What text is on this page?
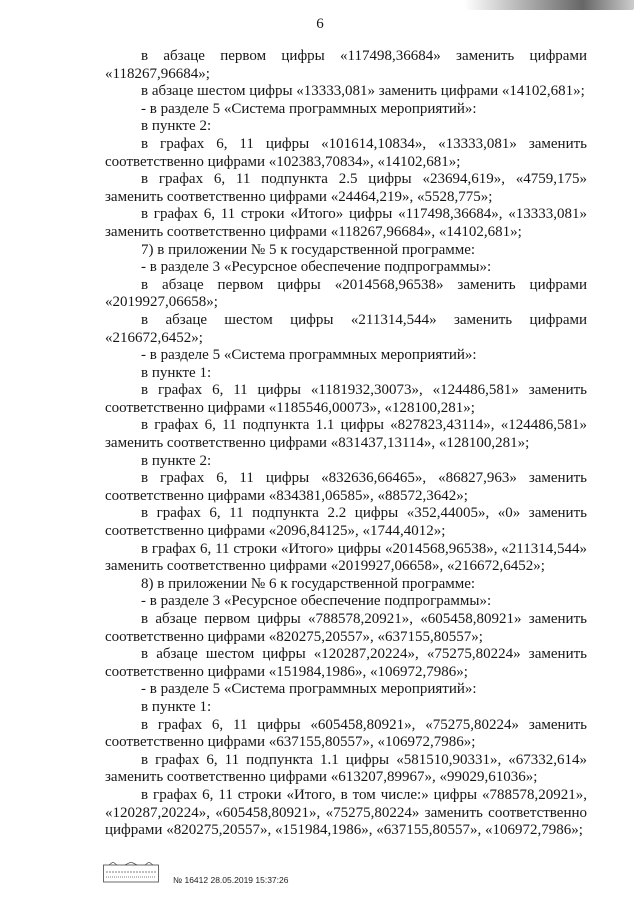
6

в абзаце первом цифры «117498,36684» заменить цифрами «118267,96684»;

в абзаце шестом цифры «13333,081» заменить цифрами «14102,681»;

- в разделе 5 «Система программных мероприятий»:

в пункте 2:

в графах 6, 11 цифры «101614,10834», «13333,081» заменить соответственно цифрами «102383,70834», «14102,681»;

в графах 6, 11 подпункта 2.5 цифры «23694,619», «4759,175» заменить соответственно цифрами «24464,219», «5528,775»;

в графах 6, 11 строки «Итого» цифры «117498,36684», «13333,081» заменить соответственно цифрами «118267,96684», «14102,681»;

7) в приложении № 5 к государственной программе:

- в разделе 3 «Ресурсное обеспечение подпрограммы»:

в абзаце первом цифры «2014568,96538» заменить цифрами «2019927,06658»;

в абзаце шестом цифры «211314,544» заменить цифрами «216672,6452»;

- в разделе 5 «Система программных мероприятий»:

в пункте 1:

в графах 6, 11 цифры «1181932,30073», «124486,581» заменить соответственно цифрами «1185546,00073», «128100,281»;

в графах 6, 11 подпункта 1.1 цифры «827823,43114», «124486,581» заменить соответственно цифрами «831437,13114», «128100,281»;

в пункте 2:

в графах 6, 11 цифры «832636,66465», «86827,963» заменить соответственно цифрами «834381,06585», «88572,3642»;

в графах 6, 11 подпункта 2.2 цифры «352,44005», «0» заменить соответственно цифрами «2096,84125», «1744,4012»;

в графах 6, 11 строки «Итого» цифры «2014568,96538», «211314,544» заменить соответственно цифрами «2019927,06658», «216672,6452»;

8) в приложении № 6 к государственной программе:

- в разделе 3 «Ресурсное обеспечение подпрограммы»:

в абзаце первом цифры «788578,20921», «605458,80921» заменить соответственно цифрами «820275,20557», «637155,80557»;

в абзаце шестом цифры «120287,20224», «75275,80224» заменить соответственно цифрами «151984,1986», «106972,7986»;

- в разделе 5 «Система программных мероприятий»:

в пункте 1:

в графах 6, 11 цифры «605458,80921», «75275,80224» заменить соответственно цифрами «637155,80557», «106972,7986»;

в графах 6, 11 подпункта 1.1 цифры «581510,90331», «67332,614» заменить соответственно цифрами «613207,89967», «99029,61036»;

в графах 6, 11 строки «Итого, в том числе:» цифры «788578,20921», «120287,20224», «605458,80921», «75275,80224» заменить соответственно цифрами «820275,20557», «151984,1986», «637155,80557», «106972,7986»;

№ 16412 28.05.2019 15:37:26
